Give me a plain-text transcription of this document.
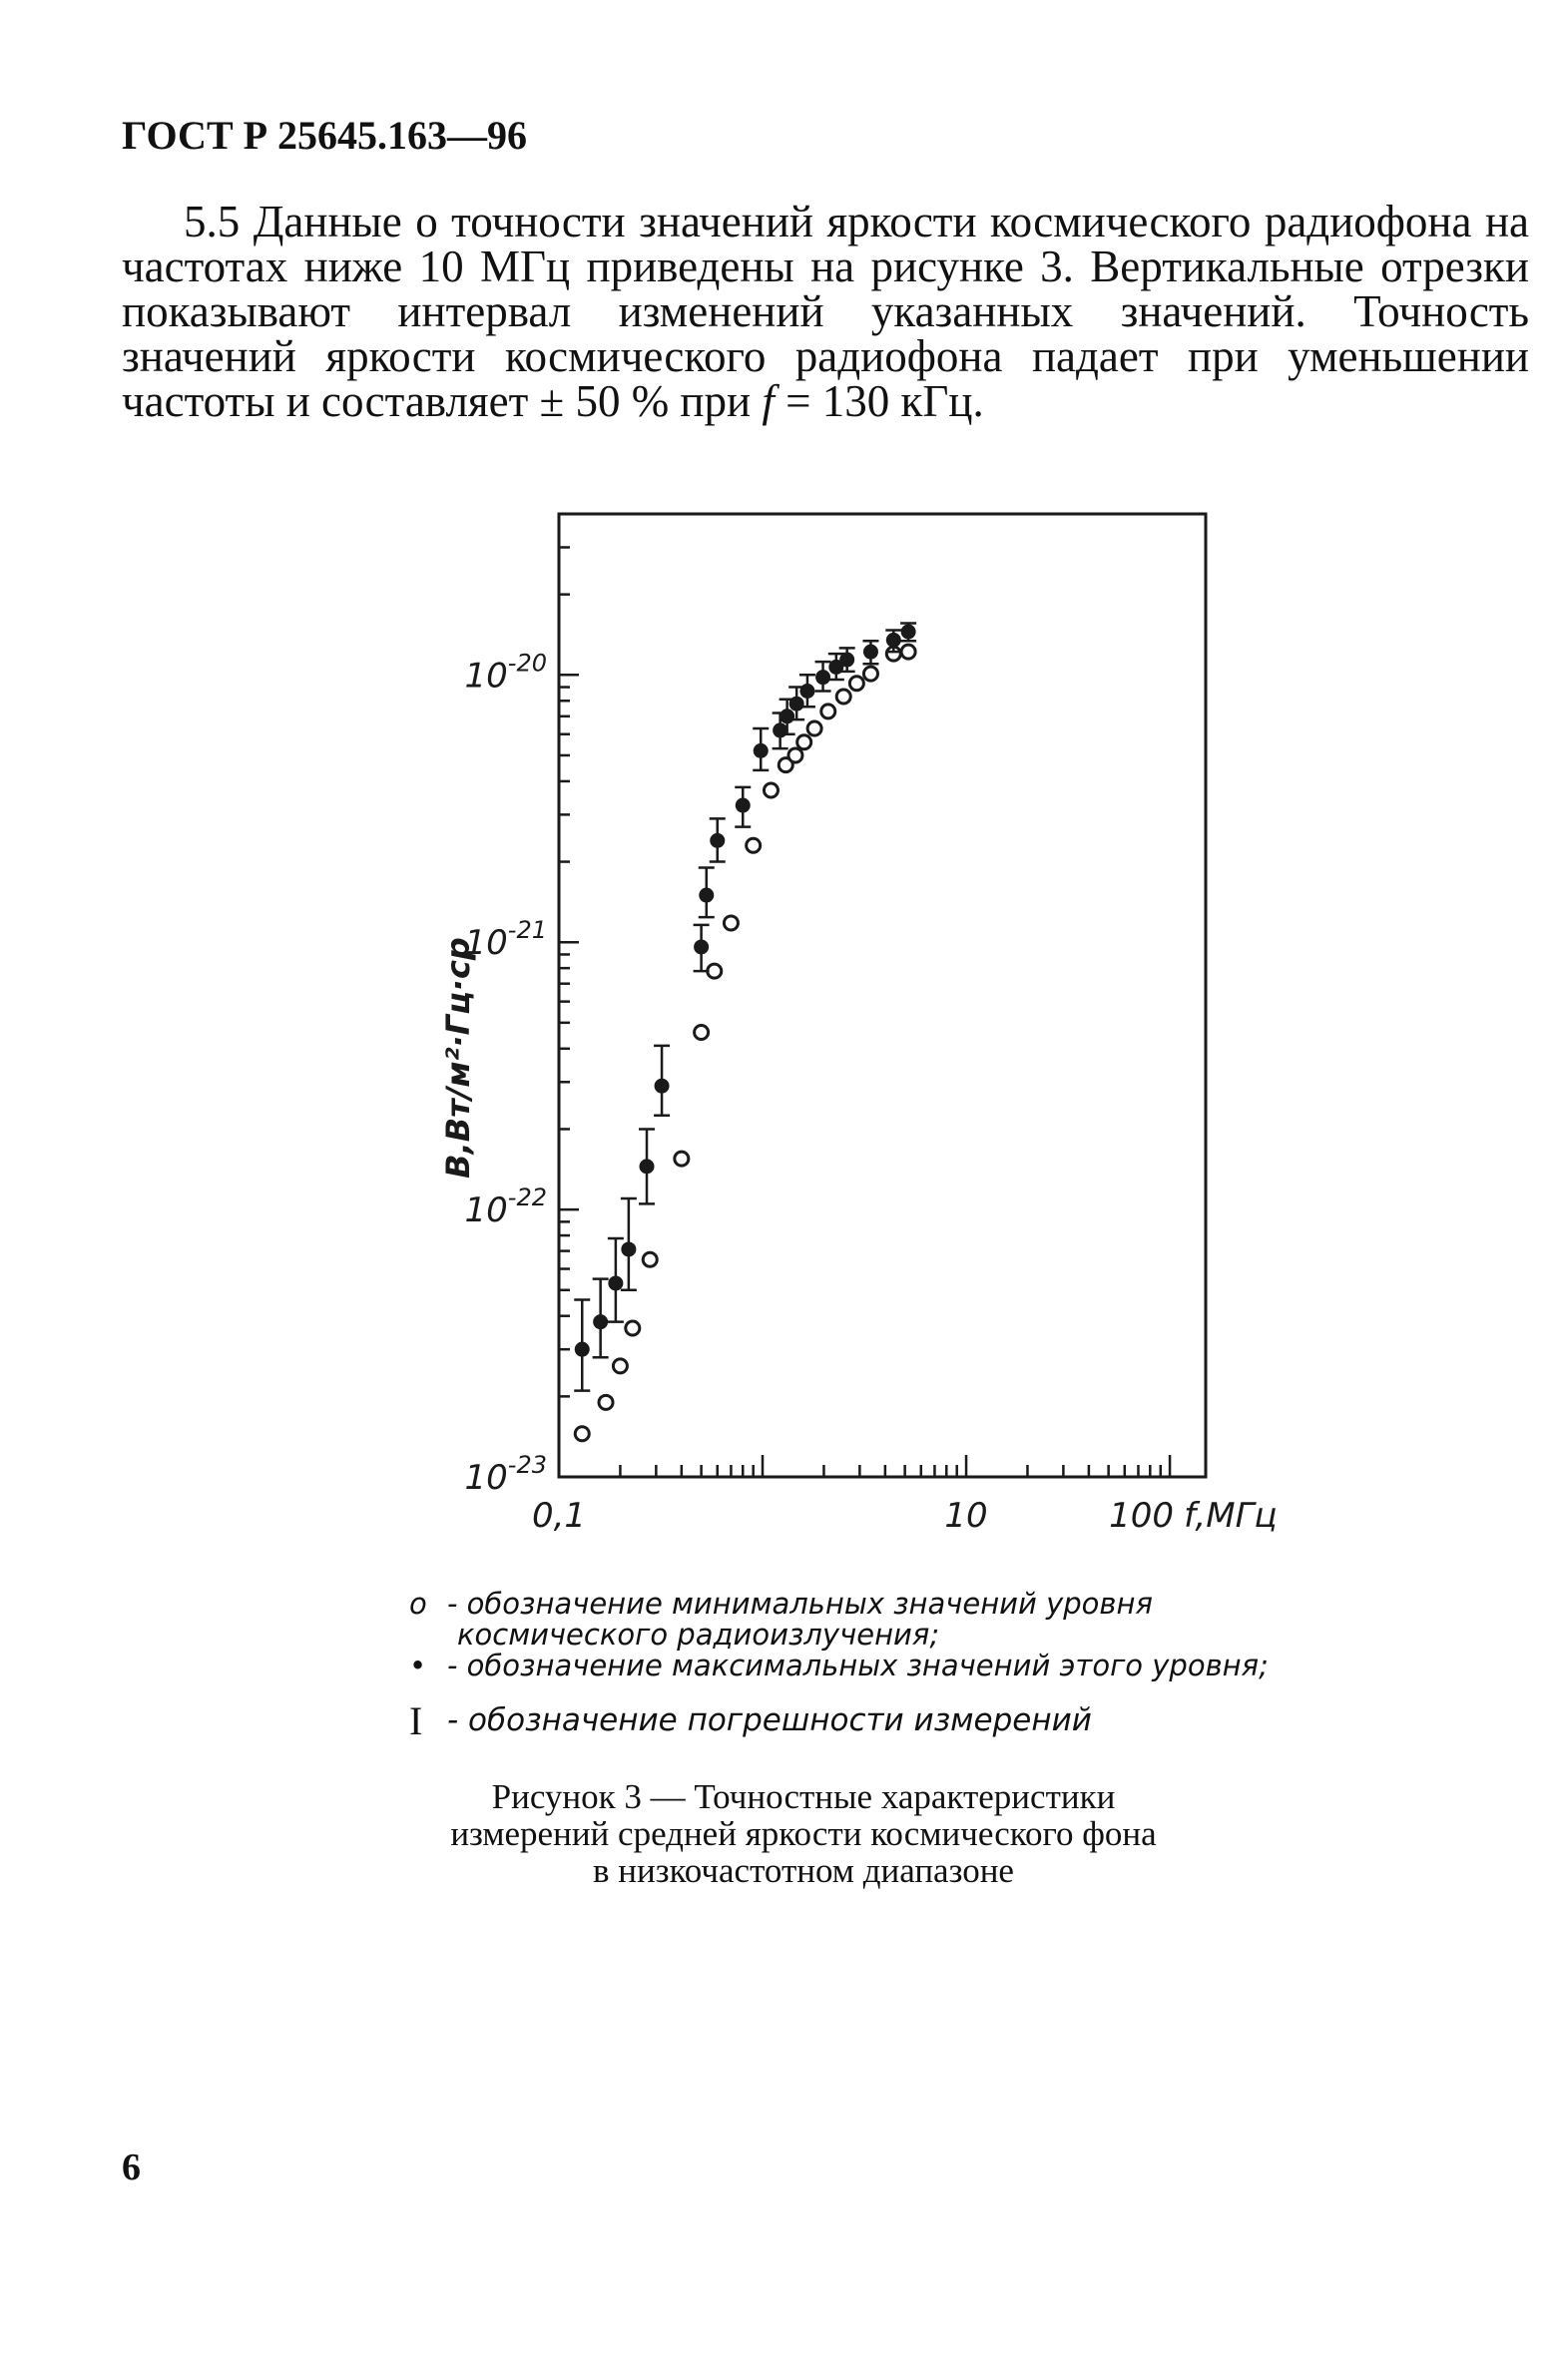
ГОСТ Р 25645.163—96

5.5 Данные о точности значений яркости космического радиофона на частотах ниже 10 МГц приведены на рисунке 3. Вертикальные отрезки показывают интервал изменений указанных значений. Точность значений яркости космического радиофона падает при уменьшении частоты и составляет ± 50 % при f = 130 кГц.

$10^{-23}$
$10^{-22}$
$10^{-21}$
$10^{-20}$
0,1	10	100 f,МГц
B,Вт/м²·Гц·ср
o - обозначение минимальных значений уровня
космического радиоизлучения;
• - обозначение максимальных значений этого уровня;
I - обозначение погрешности измерений
Рисунок 3 — Точностные характеристики
измерений средней яркости космического фона
в низкочастотном диапазоне
6
